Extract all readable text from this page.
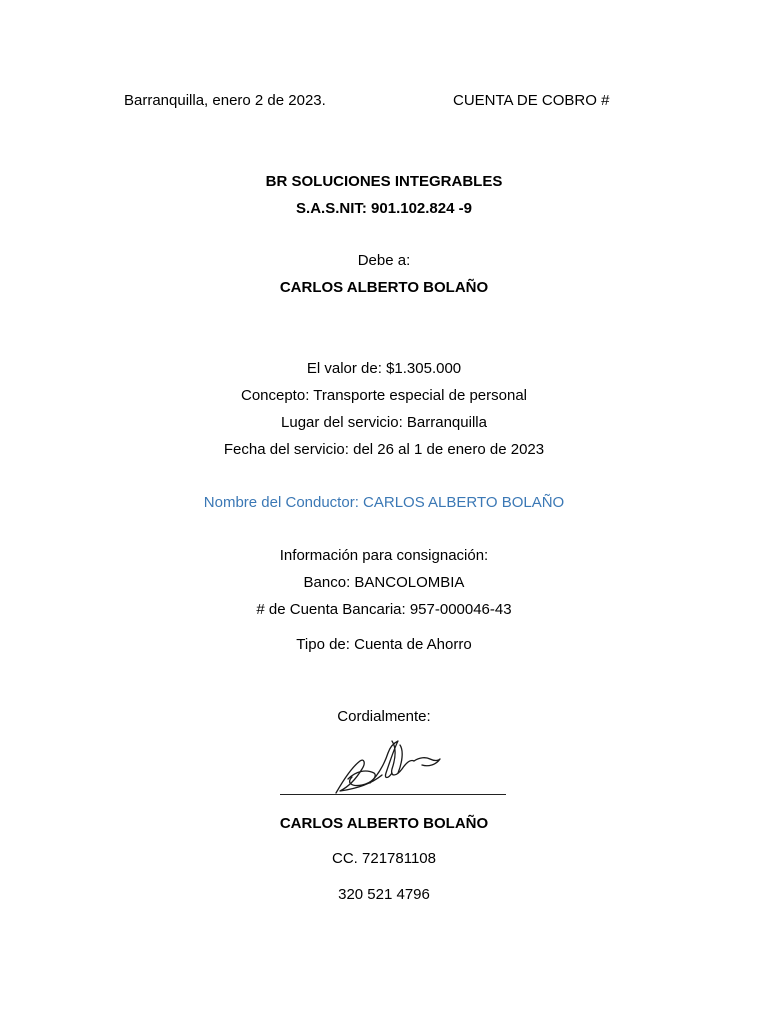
Barranquilla, enero 2 de 2023.	CUENTA DE COBRO #
BR SOLUCIONES INTEGRABLES
S.A.S.NIT: 901.102.824 -9
Debe a:
CARLOS ALBERTO BOLAÑO
El valor de: $1.305.000
Concepto: Transporte especial de personal
Lugar del servicio: Barranquilla
Fecha del servicio: del 26 al 1 de enero de 2023
Nombre del Conductor: CARLOS ALBERTO BOLAÑO
Información para consignación:
Banco: BANCOLOMBIA
# de Cuenta Bancaria: 957-000046-43
Tipo de: Cuenta de Ahorro
Cordialmente:
CARLOS ALBERTO BOLAÑO
CC. 721781108
320 521 4796
